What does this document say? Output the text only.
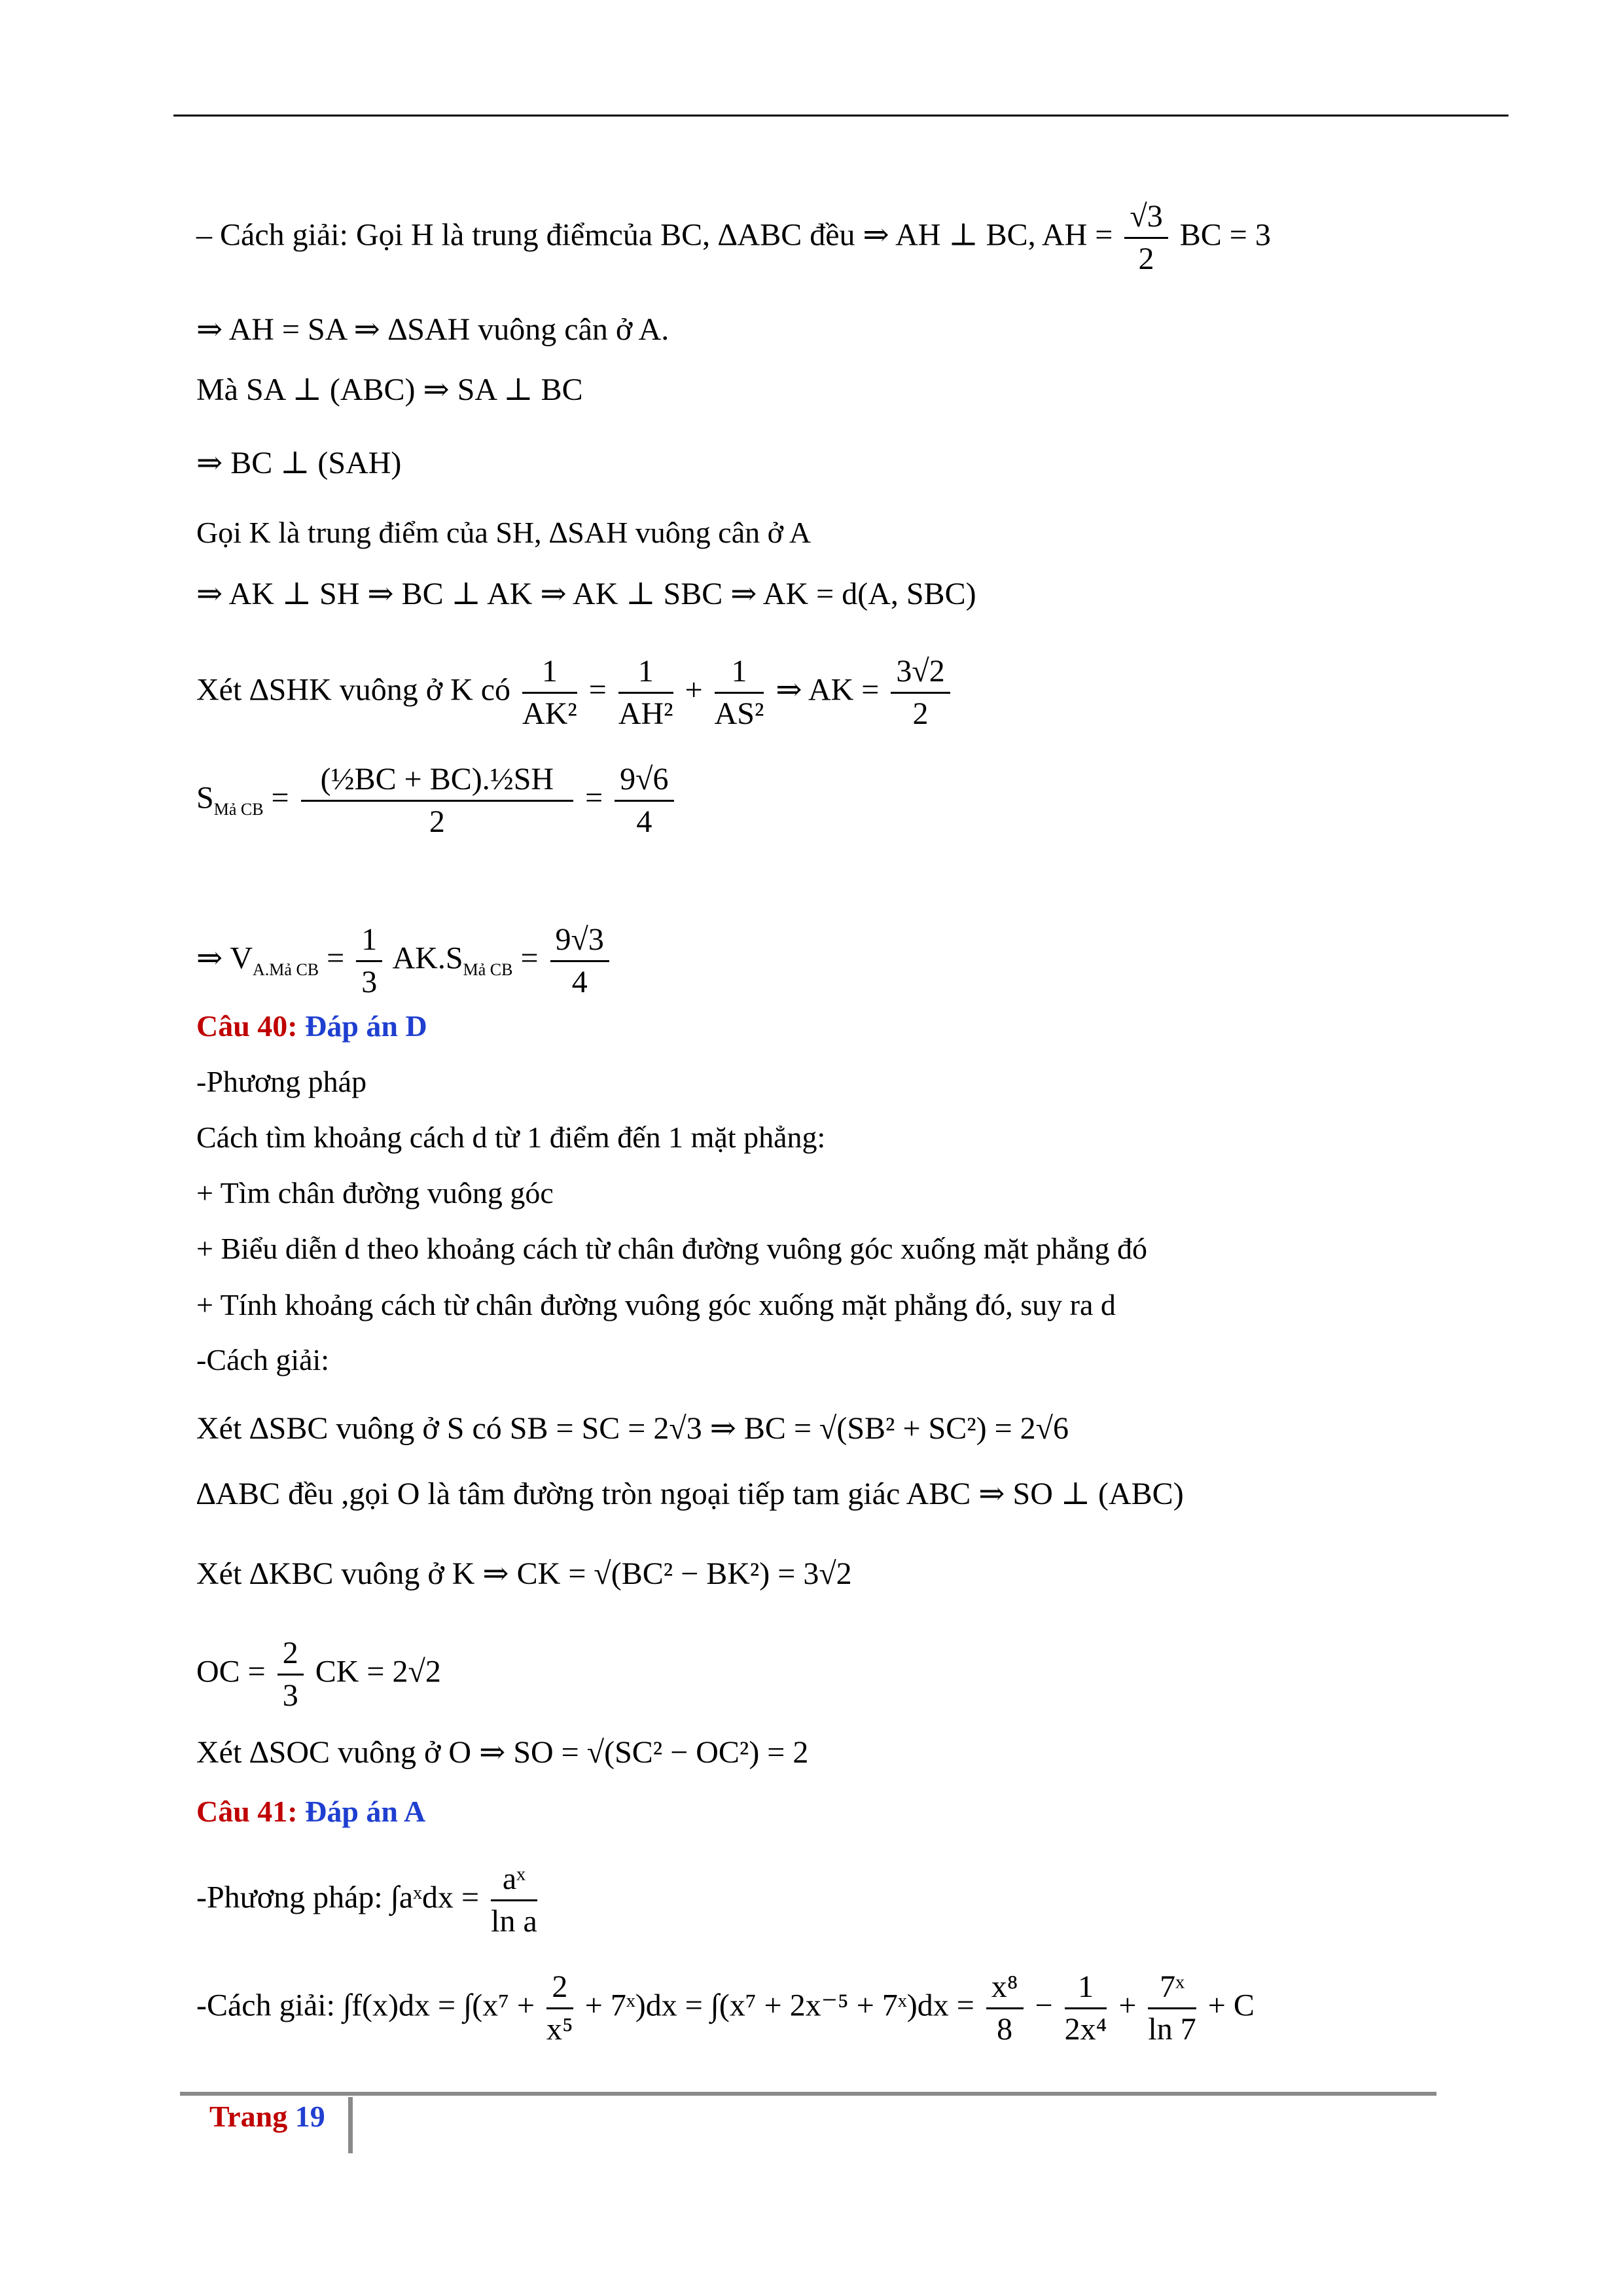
– Cách giải: Gọi H là trung điểmcủa BC, ∆ABC đều ⇒ AH ⊥ BC, AH = $\frac{√3}{2}$ BC = 3
⇒ AH = SA ⇒ ∆SAH vuông cân ở A.
Mà SA ⊥ (ABC) ⇒ SA ⊥ BC
⇒ BC ⊥ (SAH)
Gọi K là trung điểm của SH, ∆SAH vuông cân ở A
⇒ AK ⊥ SH ⇒ BC ⊥ AK ⇒ AK ⊥ SBC ⇒ AK = d(A, SBC)
Xét ∆SHK vuông ở K có $\frac{1}{\text{AK²}} = \frac{1}{\text{AH²}} + \frac{1}{\text{AS²}}$ ⇒ AK = $\frac{3√2}{2}$
$S_{Mả CB} = \frac{\text{(½BC + BC).½SH}}{2} = \frac{9√6}{4}$
⇒ $V_{A.Mả CB} = \frac{1}{3} AK.S_{Mả CB} = \frac{9√3}{4}$
Câu 40: Đáp án D
-Phương pháp
Cách tìm khoảng cách d từ 1 điểm đến 1 mặt phẳng:
+ Tìm chân đường vuông góc
+ Biểu diễn d theo khoảng cách từ chân đường vuông góc xuống mặt phẳng đó
+ Tính khoảng cách từ chân đường vuông góc xuống mặt phẳng đó, suy ra d
-Cách giải:
Xét ∆SBC vuông ở S có SB = SC = 2√3 ⇒ BC = √(SB² + SC²) = 2√6
∆ABC đều ,gọi O là tâm đường tròn ngoại tiếp tam giác ABC ⇒ SO ⊥ (ABC)
Xét ∆KBC vuông ở K ⇒ CK = √(BC² − BK²) = 3√2
OC = $\frac{2}{3}$ CK = 2√2
Xét ∆SOC vuông ở O ⇒ SO = √(SC² − OC²) = 2
Câu 41: Đáp án A
-Phương pháp: ∫aˣdx = $\frac{\text{aˣ}}{\text{ln a}}$
-Cách giải: $\int f(x)dx = \int(x^7 + \frac{2}{\text{x⁵}}$ + 7ˣ)dx = ∫(x⁷ + 2x⁻⁵ + 7ˣ)dx = $\frac{\text{x⁸}}{8} - \frac{1}{\text{2x⁴}} + \frac{\text{7ˣ}}{\ln 7} + C$
Trang 19
